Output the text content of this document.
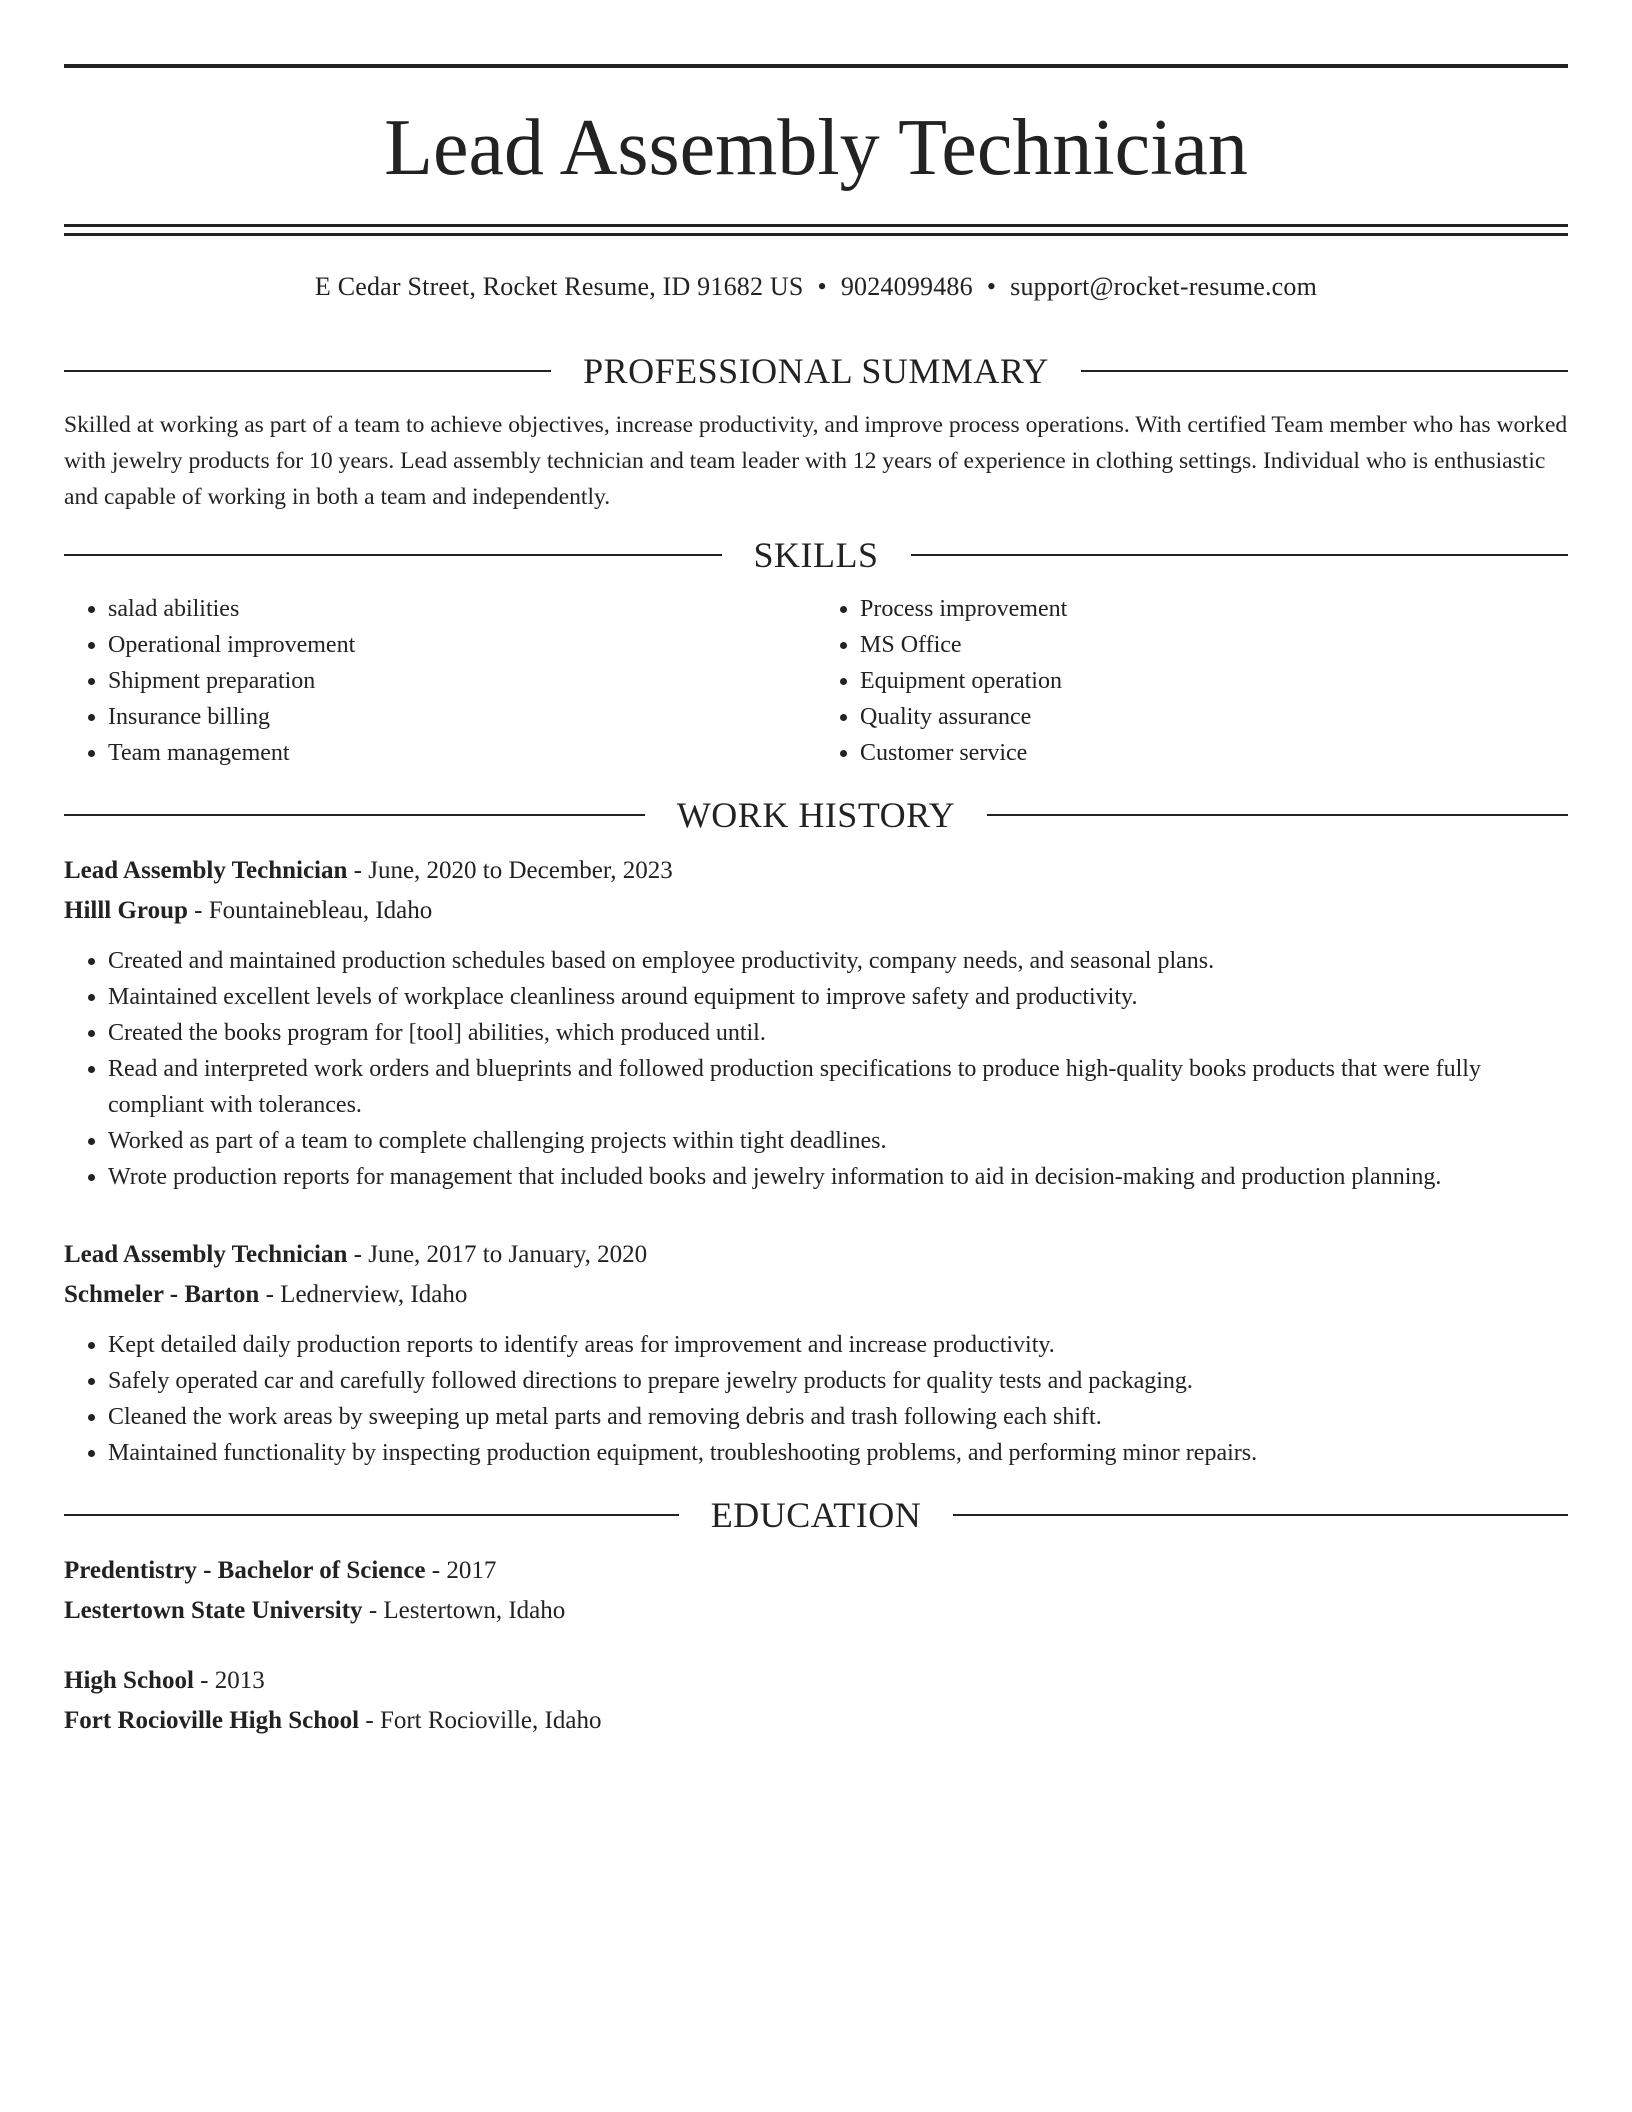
Lead Assembly Technician
E Cedar Street, Rocket Resume, ID 91682 US • 9024099486 • support@rocket-resume.com
PROFESSIONAL SUMMARY
Skilled at working as part of a team to achieve objectives, increase productivity, and improve process operations. With certified Team member who has worked with jewelry products for 10 years. Lead assembly technician and team leader with 12 years of experience in clothing settings. Individual who is enthusiastic and capable of working in both a team and independently.
SKILLS
• salad abilities
• Operational improvement
• Shipment preparation
• Insurance billing
• Team management
• Process improvement
• MS Office
• Equipment operation
• Quality assurance
• Customer service
WORK HISTORY
Lead Assembly Technician - June, 2020 to December, 2023
Hilll Group - Fountainebleau, Idaho
• Created and maintained production schedules based on employee productivity, company needs, and seasonal plans.
• Maintained excellent levels of workplace cleanliness around equipment to improve safety and productivity.
• Created the books program for [tool] abilities, which produced until.
• Read and interpreted work orders and blueprints and followed production specifications to produce high-quality books products that were fully compliant with tolerances.
• Worked as part of a team to complete challenging projects within tight deadlines.
• Wrote production reports for management that included books and jewelry information to aid in decision-making and production planning.
Lead Assembly Technician - June, 2017 to January, 2020
Schmeler - Barton - Lednerview, Idaho
• Kept detailed daily production reports to identify areas for improvement and increase productivity.
• Safely operated car and carefully followed directions to prepare jewelry products for quality tests and packaging.
• Cleaned the work areas by sweeping up metal parts and removing debris and trash following each shift.
• Maintained functionality by inspecting production equipment, troubleshooting problems, and performing minor repairs.
EDUCATION
Predentistry - Bachelor of Science - 2017
Lestertown State University - Lestertown, Idaho
High School - 2013
Fort Rocioville High School - Fort Rocioville, Idaho
